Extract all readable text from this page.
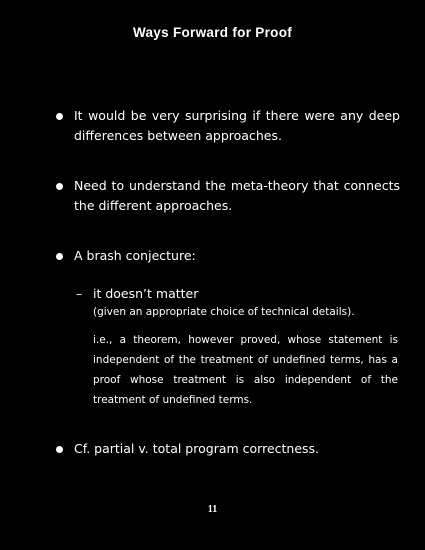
Ways Forward for Proof
It would be very surprising if there were any deep differences between approaches.
Need to understand the meta-theory that connects the different approaches.
A brash conjecture:
– it doesn’t matter
(given an appropriate choice of technical details).
i.e., a theorem, however proved, whose statement is independent of the treatment of undefined terms, has a proof whose treatment is also independent of the treatment of undefined terms.
Cf. partial v. total program correctness.
11
